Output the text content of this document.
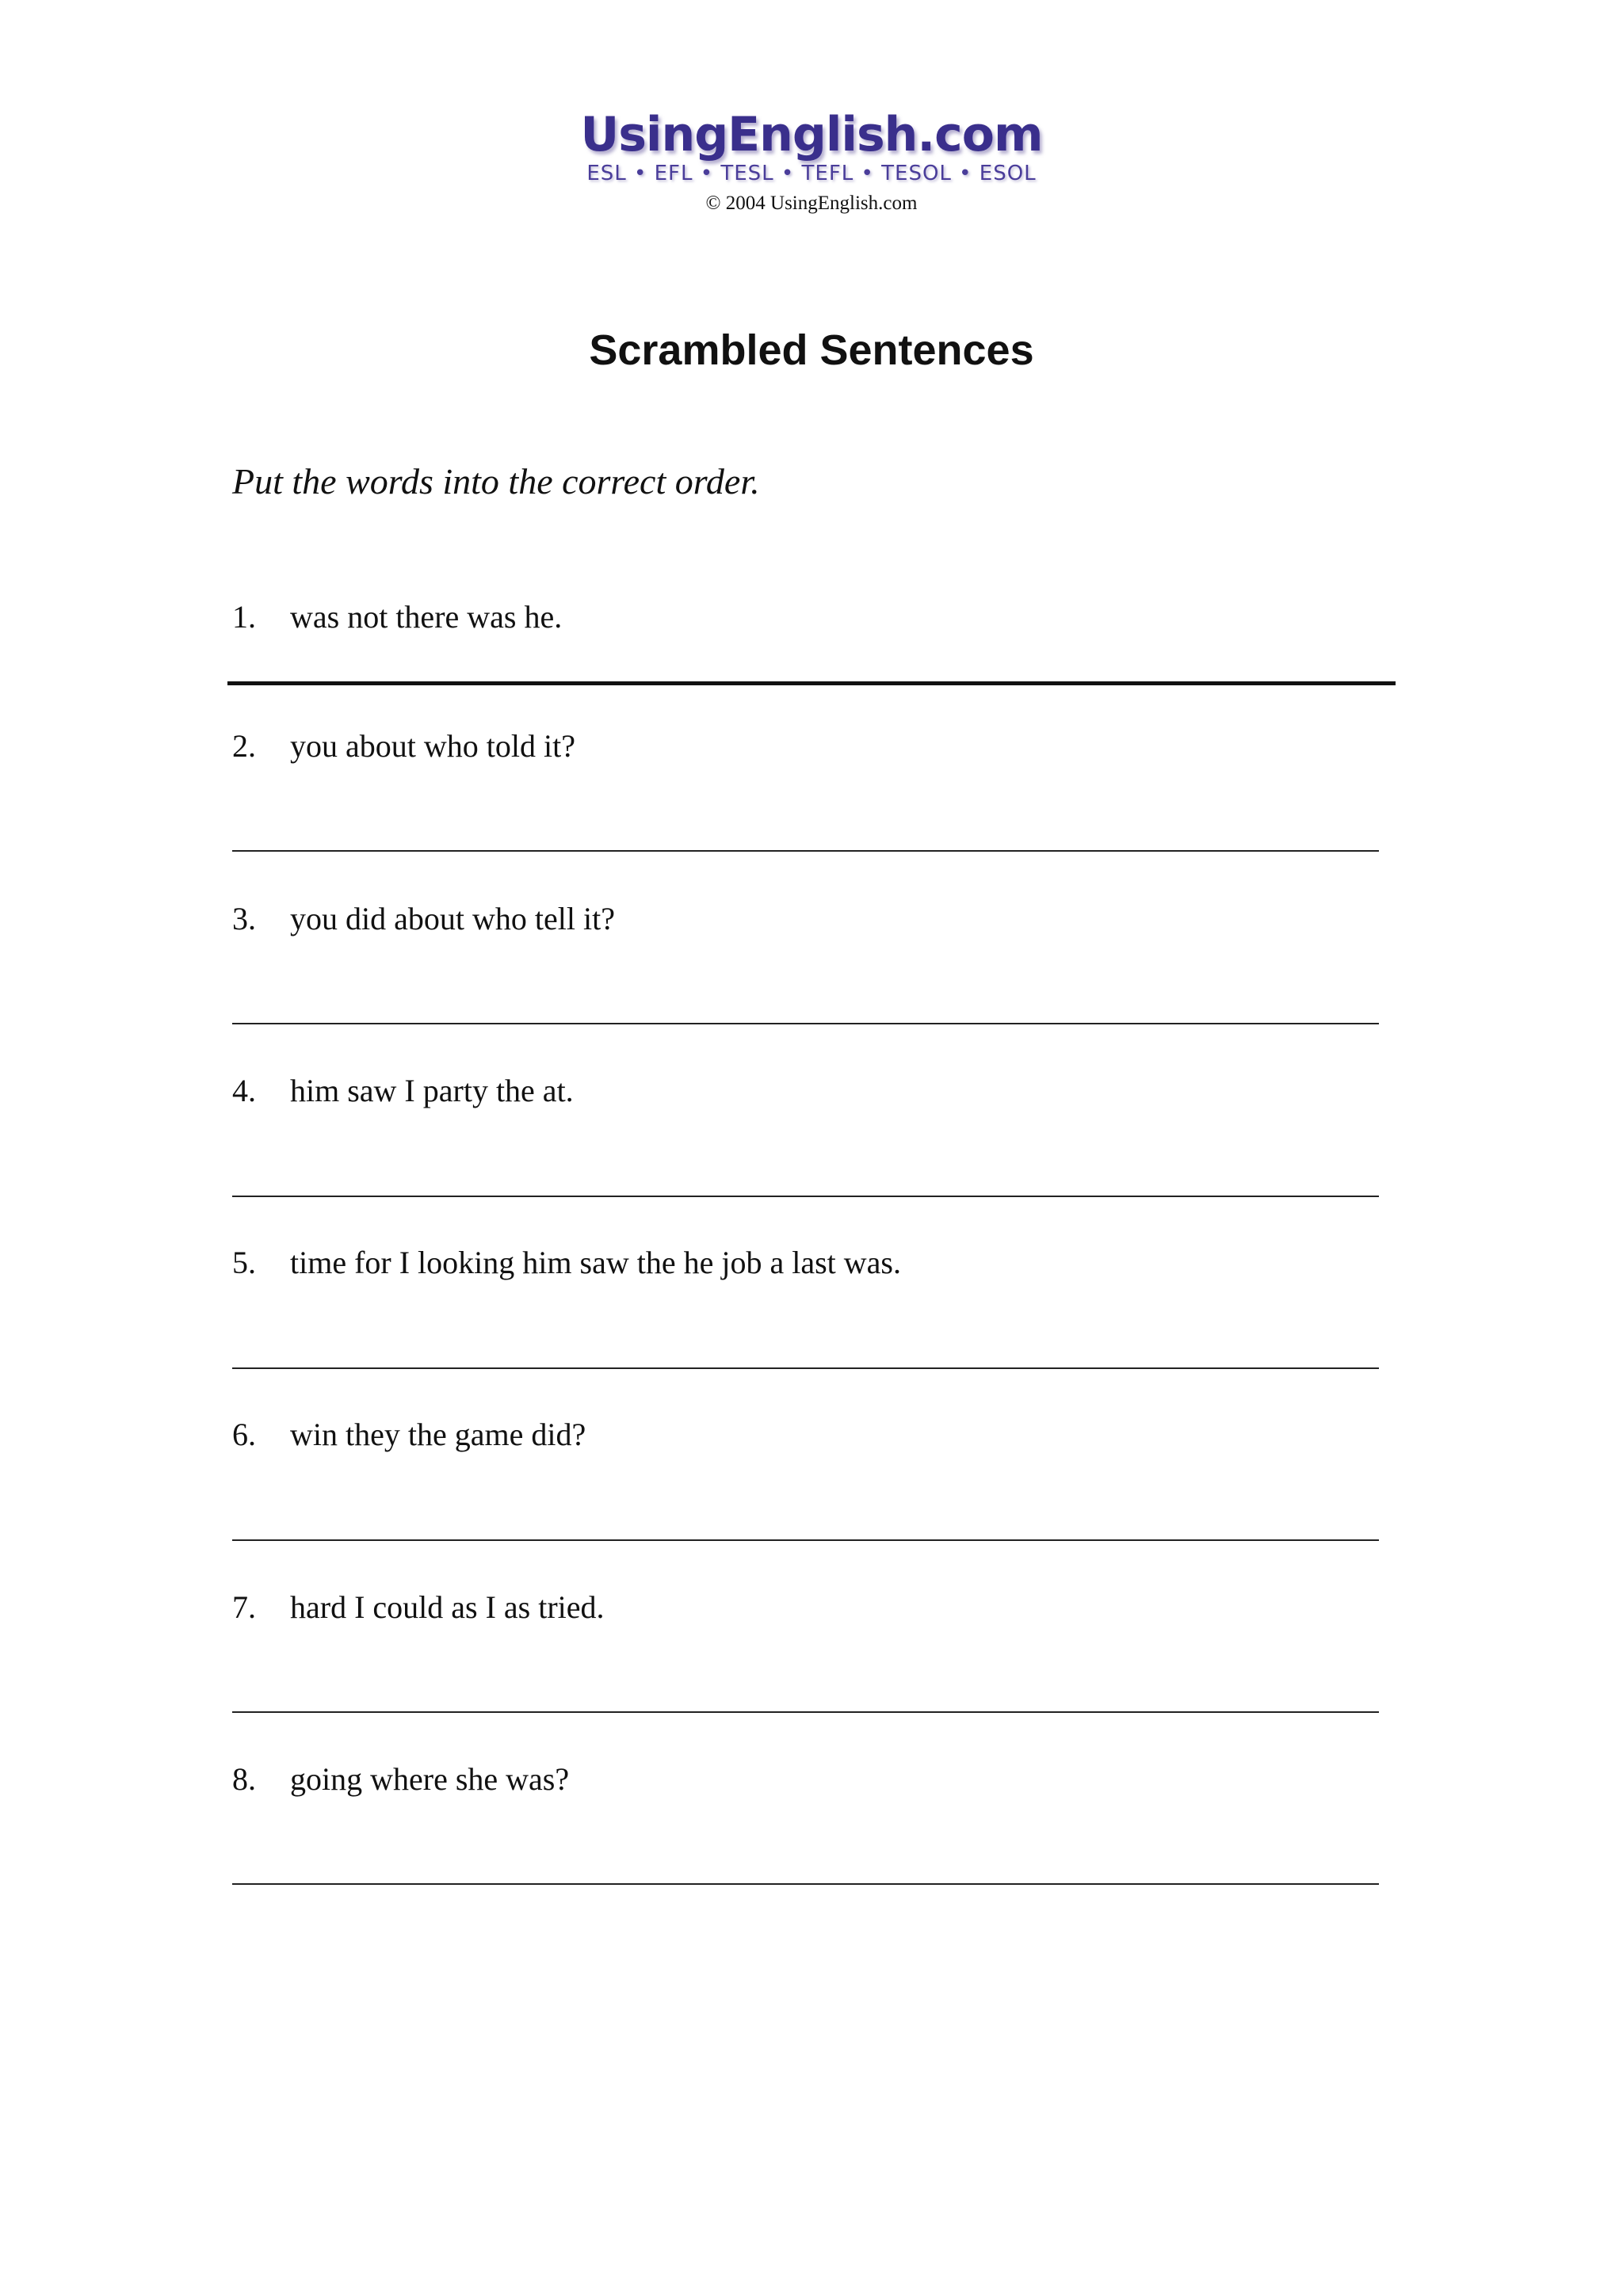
UsingEnglish.com
ESL • EFL • TESL • TEFL • TESOL • ESOL
© 2004 UsingEnglish.com
Scrambled Sentences
Put the words into the correct order.
1. was not there was he.
2. you about who told it?
3. you did about who tell it?
4. him saw I party the at.
5. time for I looking him saw the he job a last was.
6. win they the game did?
7. hard I could as I as tried.
8. going where she was?
